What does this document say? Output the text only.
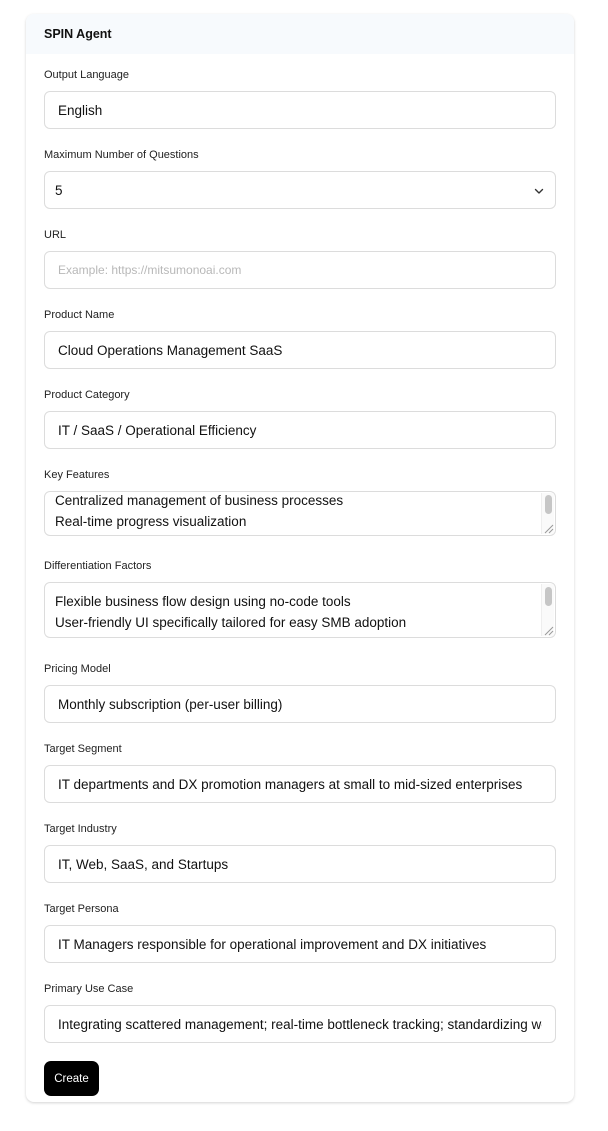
SPIN Agent
Output Language
English
Maximum Number of Questions
5
URL
Example: https://mitsumonoai.com
Product Name
Cloud Operations Management SaaS
Product Category
IT / SaaS / Operational Efficiency
Key Features
Centralized management of business processes
Real-time progress visualization
Differentiation Factors
Flexible business flow design using no-code tools
User-friendly UI specifically tailored for easy SMB adoption
Pricing Model
Monthly subscription (per-user billing)
Target Segment
IT departments and DX promotion managers at small to mid-sized enterprises
Target Industry
IT, Web, SaaS, and Startups
Target Persona
IT Managers responsible for operational improvement and DX initiatives
Primary Use Case
Integrating scattered management; real-time bottleneck tracking; standardizing workflows
Create
